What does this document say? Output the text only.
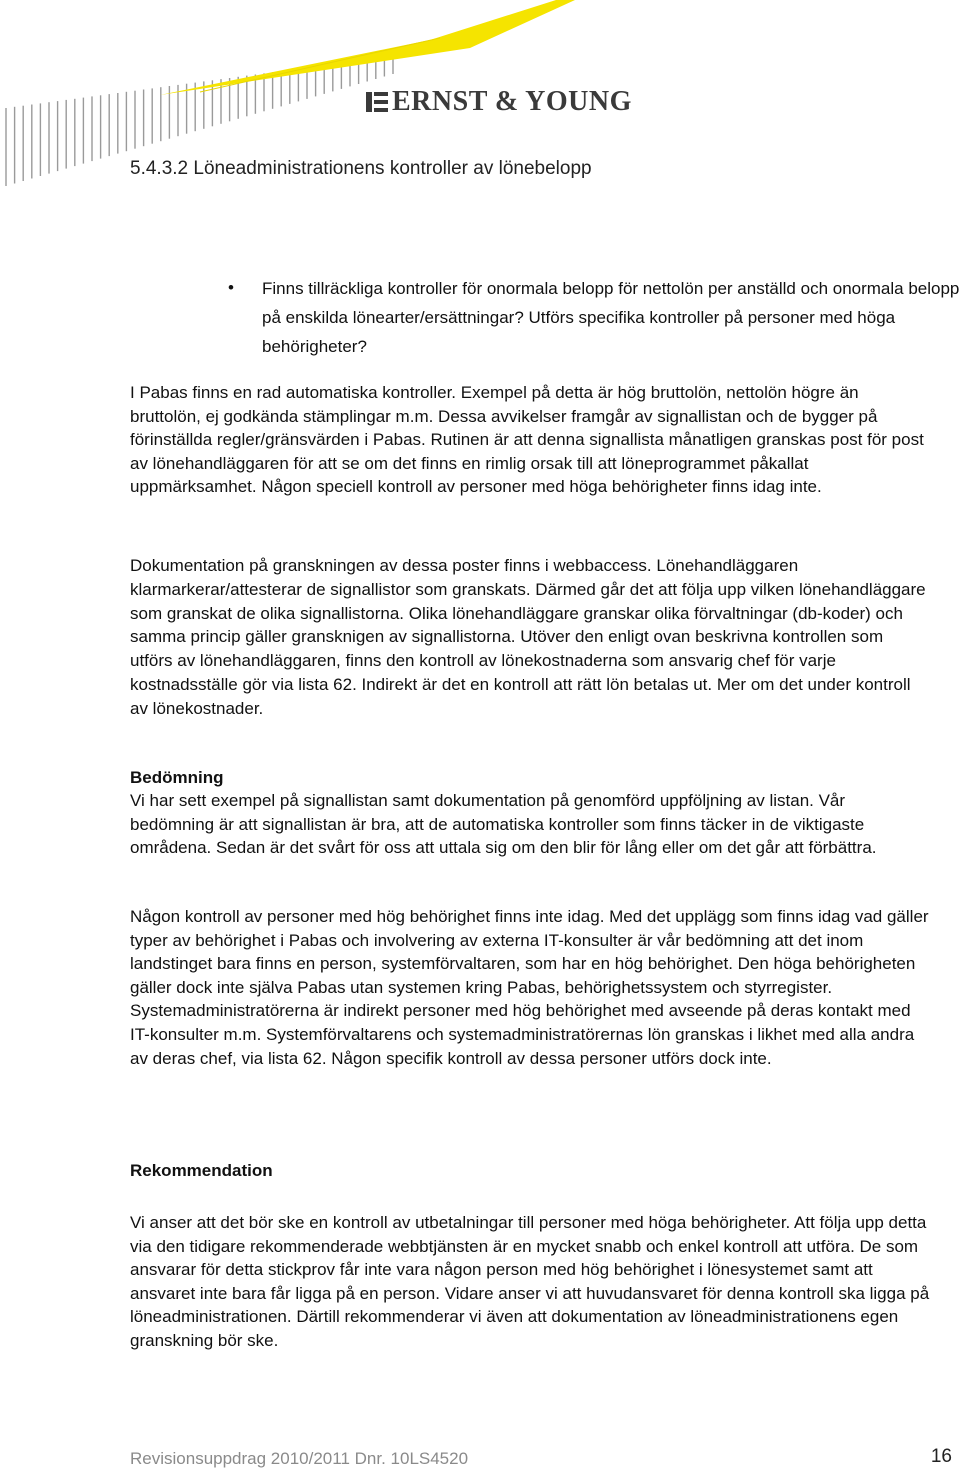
ERNST & YOUNG
5.4.3.2 Löneadministrationens kontroller av lönebelopp
• Finns tillräckliga kontroller för onormala belopp för nettolön per anställd och onormala belopp på enskilda lönearter/ersättningar? Utförs specifika kontroller på personer med höga behörigheter?

I Pabas finns en rad automatiska kontroller. Exempel på detta är hög bruttolön, nettolön högre än bruttolön, ej godkända stämplingar m.m. Dessa avvikelser framgår av signallistan och de bygger på förinställda regler/gränsvärden i Pabas. Rutinen är att denna signallista månatligen granskas post för post av lönehandläggaren för att se om det finns en rimlig orsak till att löneprogrammet påkallat uppmärksamhet. Någon speciell kontroll av personer med höga behörigheter finns idag inte.

Dokumentation på granskningen av dessa poster finns i webbaccess. Lönehandläggaren klarmarkerar/attesterar de signallistor som granskats. Därmed går det att följa upp vilken lönehandläggare som granskat de olika signallistorna. Olika lönehandläggare granskar olika förvaltningar (db-koder) och samma princip gäller gransknigen av signallistorna. Utöver den enligt ovan beskrivna kontrollen som utförs av lönehandläggaren, finns den kontroll av lönekostnaderna som ansvarig chef för varje kostnadsställe gör via lista 62. Indirekt är det en kontroll att rätt lön betalas ut. Mer om det under kontroll av lönekostnader.

Bedömning

Vi har sett exempel på signallistan samt dokumentation på genomförd uppföljning av listan. Vår bedömning är att signallistan är bra, att de automatiska kontroller som finns täcker in de viktigaste områdena. Sedan är det svårt för oss att uttala sig om den blir för lång eller om det går att förbättra.

Någon kontroll av personer med hög behörighet finns inte idag. Med det upplägg som finns idag vad gäller typer av behörighet i Pabas och involvering av externa IT-konsulter är vår bedömning att det inom landstinget bara finns en person, systemförvaltaren, som har en hög behörighet. Den höga behörigheten gäller dock inte själva Pabas utan systemen kring Pabas, behörighetssystem och styrregister. Systemadministratörerna är indirekt personer med hög behörighet med avseende på deras kontakt med IT-konsulter m.m. Systemförvaltarens och systemadministratörernas lön granskas i likhet med alla andra av deras chef, via lista 62. Någon specifik kontroll av dessa personer utförs dock inte.

Rekommendation

Vi anser att det bör ske en kontroll av utbetalningar till personer med höga behörigheter. Att följa upp detta via den tidigare rekommenderade webbtjänsten är en mycket snabb och enkel kontroll att utföra. De som ansvarar för detta stickprov får inte vara någon person med hög behörighet i lönesystemet samt att ansvaret inte bara får ligga på en person. Vidare anser vi att huvudansvaret för denna kontroll ska ligga på löneadministrationen. Därtill rekommenderar vi även att dokumentation av löneadministrationens egen granskning bör ske.

Revisionsuppdrag 2010/2011 Dnr. 10LS4520	16
